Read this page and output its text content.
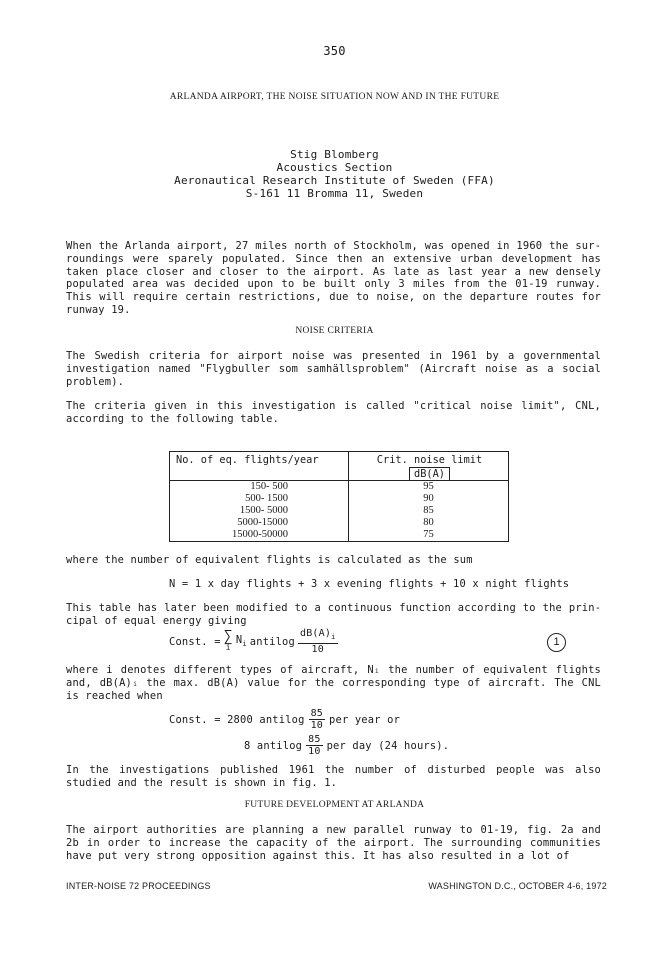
350
ARLANDA AIRPORT, THE NOISE SITUATION NOW AND IN THE FUTURE
Stig Blomberg
Acoustics Section
Aeronautical Research Institute of Sweden (FFA)
S-161 11 Bromma 11, Sweden
When the Arlanda airport, 27 miles north of Stockholm, was opened in 1960 the surroundings were sparely populated. Since then an extensive urban development has taken place closer and closer to the airport. As late as last year a new densely populated area was decided upon to be built only 3 miles from the 01-19 runway. This will require certain restrictions, due to noise, on the departure routes for runway 19.
NOISE CRITERIA
The Swedish criteria for airport noise was presented in 1961 by a governmental investigation named "Flygbuller som samhällsproblem" (Aircraft noise as a social problem).
The criteria given in this investigation is called "critical noise limit", CNL, according to the following table.
No. of eq. flights/year	Crit. noise limit
dB(A)
150- 500	95
500- 1500	90
1500- 5000	85
5000-15000	80
15000-50000	75
where the number of equivalent flights is calculated as the sum
N = 1 x day flights + 3 x evening flights + 10 x night flights
This table has later been modified to a continuous function according to the principal of equal energy giving
Const. = ∑
i
$N_i$ antilog $\frac{dB(A)_i}{10}$	1
where i denotes different types of aircraft, Nᵢ the number of equivalent flights and, dB(A)ᵢ the max. dB(A) value for the corresponding type of aircraft. The CNL is reached when
Const. = 2800 antilog $\frac{85}{10}$ per year or
8 antilog $\frac{85}{10}$ per day (24 hours).
In the investigations published 1961 the number of disturbed people was also studied and the result is shown in fig. 1.
FUTURE DEVELOPMENT AT ARLANDA
The airport authorities are planning a new parallel runway to 01-19, fig. 2a and 2b in order to increase the capacity of the airport. The surrounding communities have put very strong opposition against this. It has also resulted in a lot of
INTER-NOISE 72 PROCEEDINGS	WASHINGTON D.C., OCTOBER 4-6, 1972
